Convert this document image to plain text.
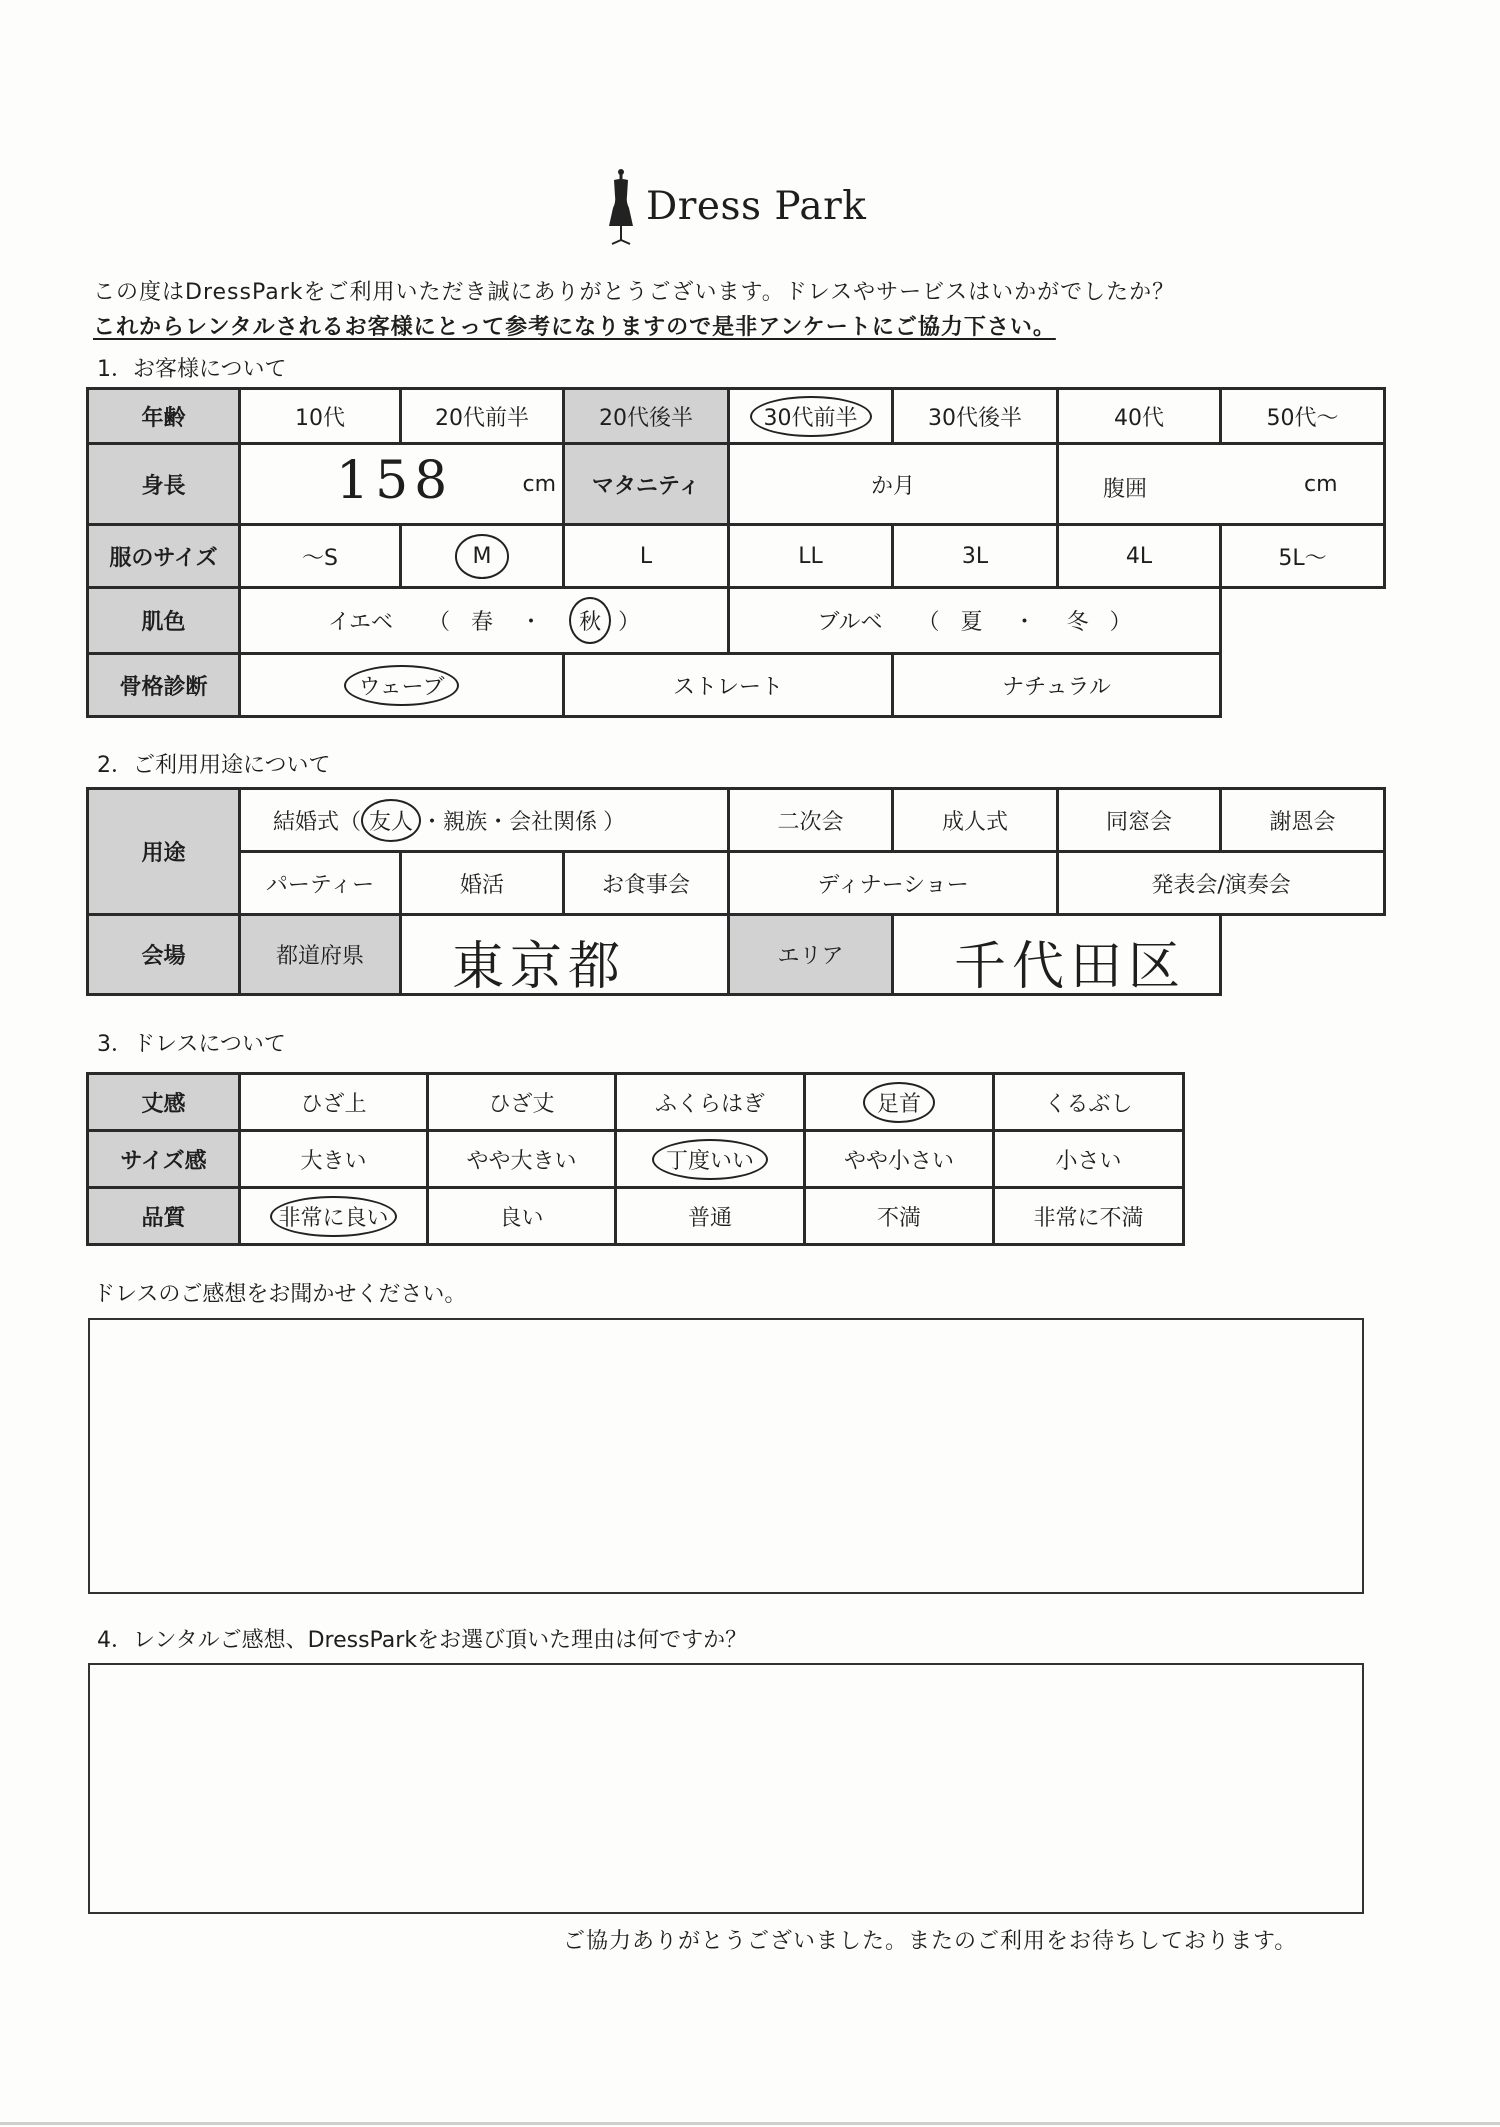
Dress Park
この度はDressParkをご利用いただき誠にありがとうございます。ドレスやサービスはいかがでしたか？
これからレンタルされるお客様にとって参考になりますので是非アンケートにご協力下さい。
1．お客様について
年齢	10代	20代前半	20代後半	30代前半	30代後半	40代	50代～
身長	158 cm		マタニティ	か月		腹囲 cm	

服のサイズ	～S	M	L	LL	3L	4L	5L～
肌色	イエベ （ 春 ・ 秋 ）			ブルベ （ 夏 ・ 冬 ）			
骨格診断	ウェーブ		ストレート		ナチュラル		
2．ご利用用途について
用途	結婚式（ 友人 ・親族・会社関係 ）			二次会	成人式	同窓会	謝恩会
	パーティー	婚活	お食事会	ディナーショー		発表会/演奏会	
会場	都道府県	東京都		エリア	千代田区		

3．ドレスについて
丈感	ひざ上	ひざ丈	ふくらはぎ	足首	くるぶし
サイズ感	大きい	やや大きい	丁度いい	やや小さい	小さい
品質	非常に良い	良い	普通	不満	非常に不満
ドレスのご感想をお聞かせください。
4．レンタルご感想、DressParkをお選び頂いた理由は何ですか？
ご協力ありがとうございました。またのご利用をお待ちしております。
